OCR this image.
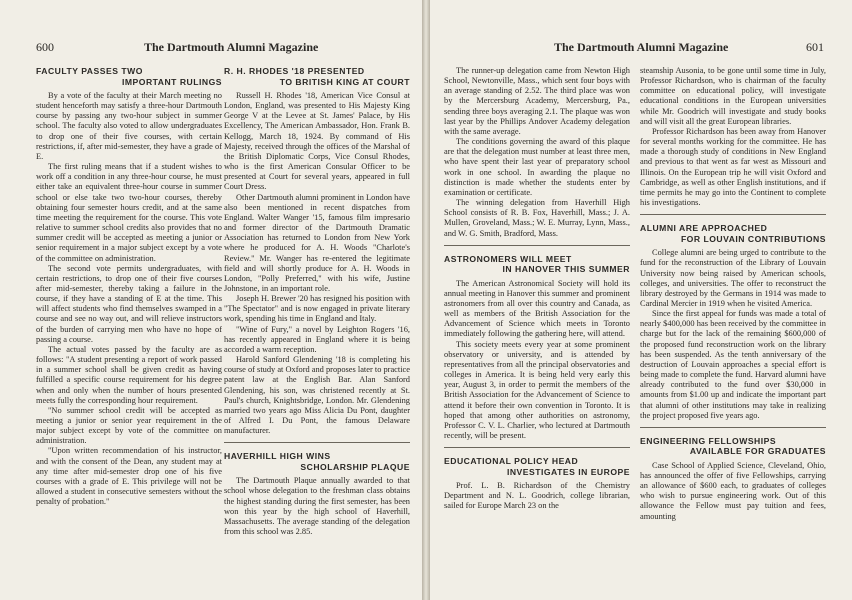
600	The Dartmouth Alumni Magazine
FACULTY PASSES TWO
IMPORTANT RULINGS

By a vote of the faculty at their March meeting no student henceforth may satisfy a three-hour Dartmouth course by passing any two-hour subject in summer school. The faculty also voted to allow undergraduates to drop one of their five courses, with certain restrictions, if, after mid-semester, they have a grade of E.

The first ruling means that if a student wishes to work off a condition in any three-hour course, he must either take an equivalent three-hour course in summer school or else take two two-hour courses, thereby obtaining four semester hours credit, and at the same time meeting the requirement for the course. This vote relative to summer school credits also provides that no summer credit will be accepted as meeting a junior or senior requirement in a major subject except by a vote of the committee on administration.

The second vote permits undergraduates, with certain restrictions, to drop one of their five courses after mid-semester, thereby taking a failure in the course, if they have a standing of E at the time. This will affect students who find themselves swamped in a course and see no way out, and will relieve instructors of the burden of carrying men who have no hope of passing a course.

The actual votes passed by the faculty are as follows: "A student presenting a report of work passed in a summer school shall be given credit as having fulfilled a specific course requirement for his degree when and only when the number of hours presented meets fully the corresponding hour requirement.

"No summer school credit will be accepted as meeting a junior or senior year requirement in the major subject except by vote of the committee on administration.

"Upon written recommendation of his instructor, and with the consent of the Dean, any student may at any time after mid-semester drop one of his five courses with a grade of E. This privilege will not be allowed a student in consecutive semesters without the penalty of probation."

R. H. RHODES '18 PRESENTED
TO BRITISH KING AT COURT

Russell H. Rhodes '18, American Vice Consul at London, England, was presented to His Majesty King George V at the Levee at St. James' Palace, by His Excellency, The American Ambassador, Hon. Frank B. Kellogg, March 18, 1924. By command of His Majesty, received through the offices of the Marshal of the British Diplomatic Corps, Vice Consul Rhodes, who is the first American Consular Officer to be presented at Court for several years, appeared in full Court Dress.

Other Dartmouth alumni prominent in London have also been mentioned in recent dispatches from England. Walter Wanger '15, famous film impresario and former director of the Dartmouth Dramatic Association has returned to London from New York where he produced for A. H. Woods "Charlote's Review." Mr. Wanger has re-entered the legitimate field and will shortly produce for A. H. Woods in London, "Polly Preferred," with his wife, Justine Johnstone, in an important role.

Joseph H. Brewer '20 has resigned his position with "The Spectator" and is now engaged in private literary work, spending his time in England and Italy.

"Wine of Fury," a novel by Leighton Rogers '16, has recently appeared in England where it is being accorded a warm reception.

Harold Sanford Glendening '18 is completing his course of study at Oxford and proposes later to practice patent law at the English Bar. Alan Sanford Glendening, his son, was christened recently at St. Paul's church, Knightsbridge, London. Mr. Glendening married two years ago Miss Alicia Du Pont, daughter of Alfred I. Du Pont, the famous Delaware manufacturer.

HAVERHILL HIGH WINS
SCHOLARSHIP PLAQUE

The Dartmouth Plaque annually awarded to that school whose delegation to the freshman class obtains the highest standing during the first semester, has been won this year by the high school of Haverhill, Massachusetts. The average standing of the delegation from this school was 2.85.

The Dartmouth Alumni Magazine	601

The runner-up delegation came from Newton High School, Newtonville, Mass., which sent four boys with an average standing of 2.52. The third place was won by the Mercersburg Academy, Mercersburg, Pa., sending three boys averaging 2.1. The plaque was won last year by the Phillips Andover Academy delegation with the same average.

The conditions governing the award of this plaque are that the delegation must number at least three men, who have spent their last year of preparatory school work in one school. In awarding the plaque no distinction is made whether the students enter by examination or certificate.

The winning delegation from Haverhill High School consists of R. B. Fox, Haverhill, Mass.; J. A. Mullen, Groveland, Mass.; W. E. Murray, Lynn, Mass., and W. G. Smith, Bradford, Mass.

ASTRONOMERS WILL MEET
IN HANOVER THIS SUMMER

The American Astronomical Society will hold its annual meeting in Hanover this summer and prominent astronomers from all over this country and Canada, as well as members of the British Association for the Advancement of Science which meets in Toronto immediately following the gathering here, will attend.

This society meets every year at some prominent observatory or university, and is attended by representatives from all the principal observatories and colleges in America. It is being held very early this year, August 3, in order to permit the members of the British Association for the Advancement of Science to attend it before their own convention in Toronto. It is hoped that among other authorities on astronomy, Professor C. V. L. Charlier, who lectured at Dartmouth recently, will be present.

EDUCATIONAL POLICY HEAD
INVESTIGATES IN EUROPE

Prof. L. B. Richardson of the Chemistry Department and N. L. Goodrich, college librarian, sailed for Europe March 23 on the

steamship Ausonia, to be gone until some time in July, Professor Richardson, who is chairman of the faculty committee on educational policy, will investigate educational conditions in the European universities while Mr. Goodrich will investigate and study books and will visit all the great European libraries.

Professor Richardson has been away from Hanover for several months working for the committee. He has made a thorough study of conditions in New England and previous to that went as far west as Missouri and Illinois. On the European trip he will visit Oxford and Cambridge, as well as other English institutions, and if time permits he may go into the Continent to complete his investigations.

ALUMNI ARE APPROACHED
FOR LOUVAIN CONTRIBUTIONS

College alumni are being urged to contribute to the fund for the reconstruction of the Library of Louvain University now being raised by American schools, colleges, and universities. The offer to reconstruct the library destroyed by the Germans in 1914 was made to Cardinal Mercier in 1919 when he visited America.

Since the first appeal for funds was made a total of nearly $400,000 has been received by the committee in charge but for the lack of the remaining $600,000 of the proposed fund reconstruction work on the library has been suspended. As the tenth anniversary of the destruction of Louvain approaches a special effort is being made to complete the fund. Harvard alumni have already contributed to the fund over $30,000 in amounts from $1.00 up and indicate the important part that alumni of other institutions may take in realizing the project proposed five years ago.

ENGINEERING FELLOWSHIPS
AVAILABLE FOR GRADUATES

Case School of Applied Science, Cleveland, Ohio, has announced the offer of five Fellowships, carrying an allowance of $600 each, to graduates of colleges who wish to pursue engineering work. Out of this allowance the Fellow must pay tuition and fees, amounting
